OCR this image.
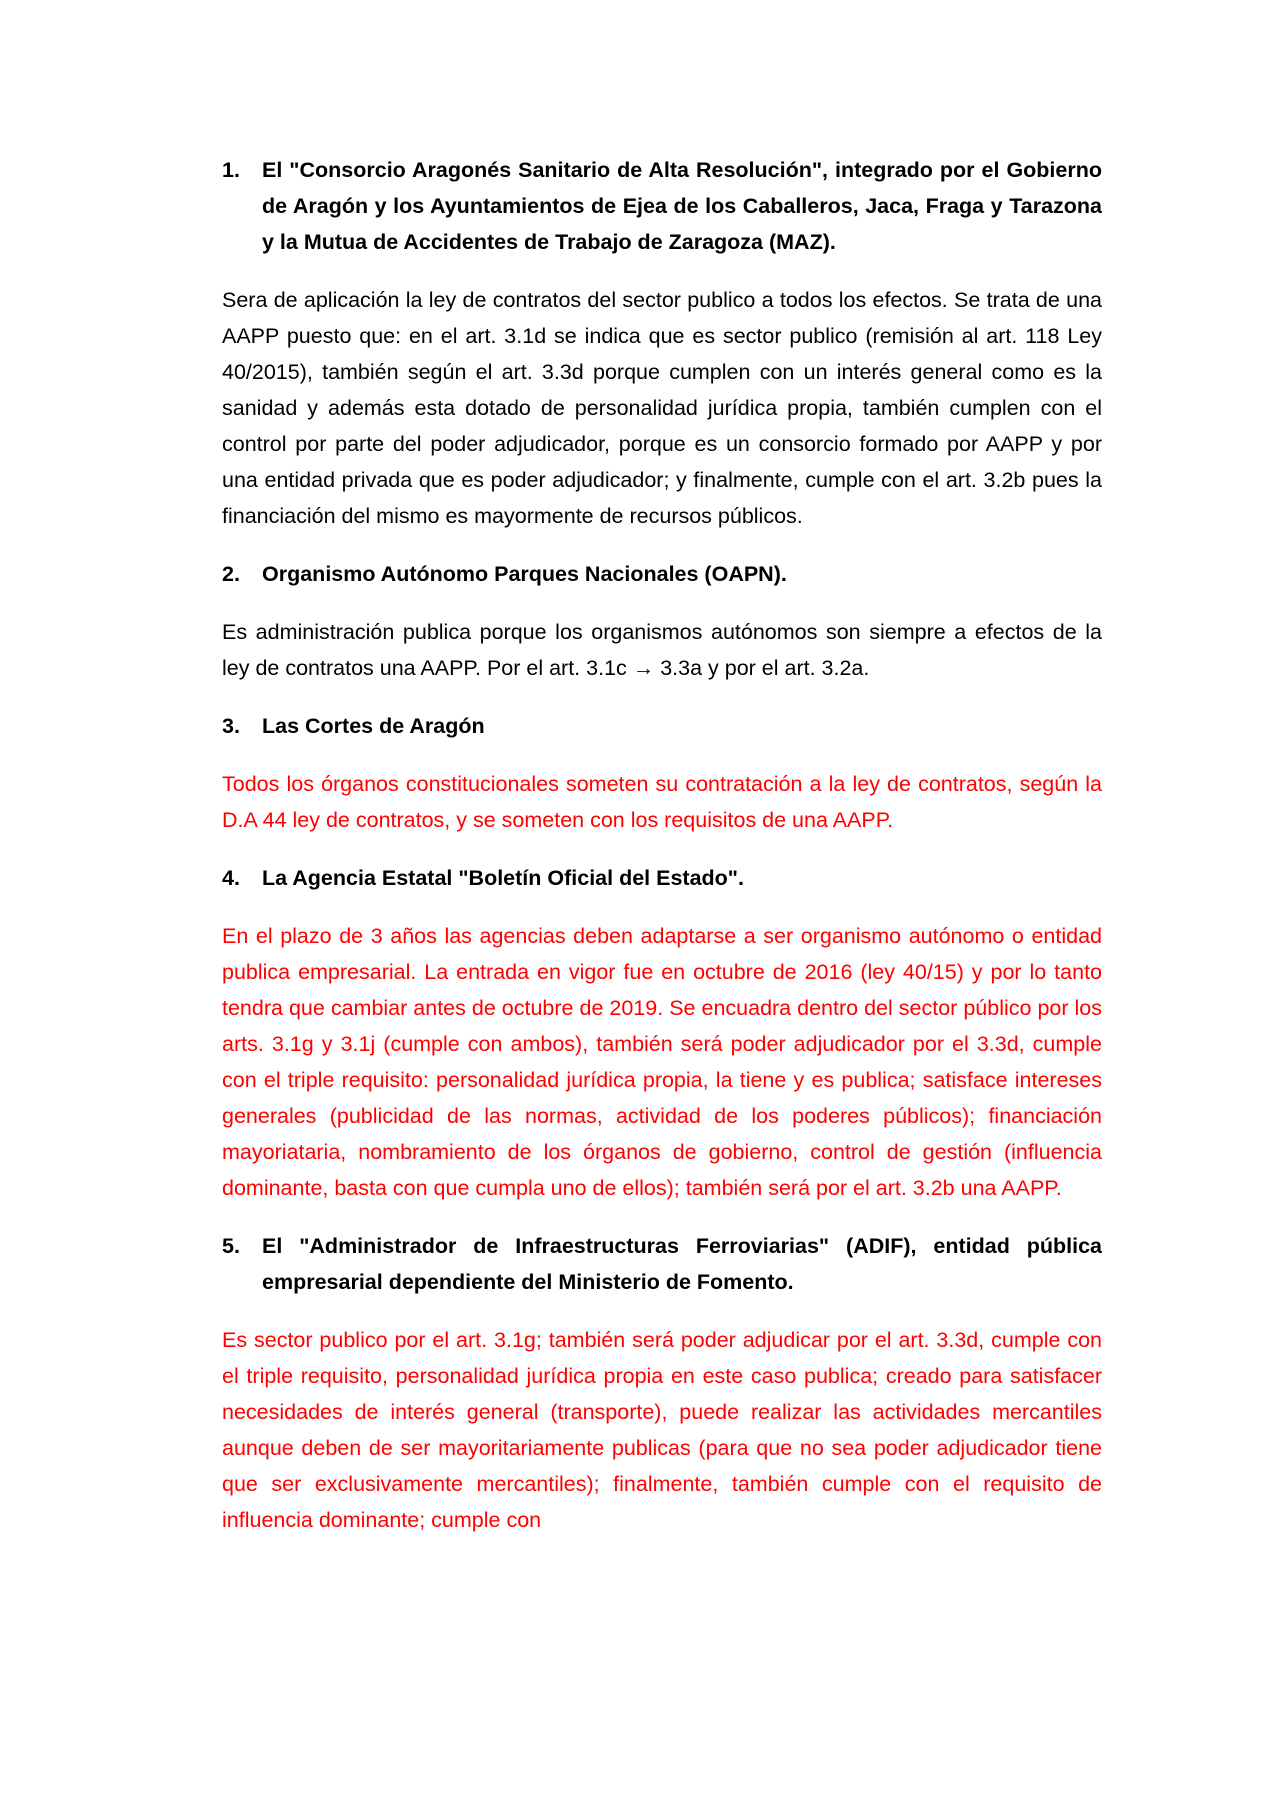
1.	El "Consorcio Aragonés Sanitario de Alta Resolución", integrado por el Gobierno de Aragón y los Ayuntamientos de Ejea de los Caballeros, Jaca, Fraga y Tarazona y la Mutua de Accidentes de Trabajo de Zaragoza (MAZ).

Sera de aplicación la ley de contratos del sector publico a todos los efectos. Se trata de una AAPP puesto que: en el art. 3.1d se indica que es sector publico (remisión al art. 118 Ley 40/2015), también según el art. 3.3d porque cumplen con un interés general como es la sanidad y además esta dotado de personalidad jurídica propia, también cumplen con el control por parte del poder adjudicador, porque es un consorcio formado por AAPP y por una entidad privada que es poder adjudicador; y finalmente, cumple con el art. 3.2b pues la financiación del mismo es mayormente de recursos públicos.

2.	Organismo Autónomo Parques Nacionales (OAPN).

Es administración publica porque los organismos autónomos son siempre a efectos de la ley de contratos una AAPP. Por el art. 3.1c → 3.3a y por el art. 3.2a.

3.	Las Cortes de Aragón

Todos los órganos constitucionales someten su contratación a la ley de contratos, según la D.A 44 ley de contratos, y se someten con los requisitos de una AAPP.

4.	La Agencia Estatal "Boletín Oficial del Estado".

En el plazo de 3 años las agencias deben adaptarse a ser organismo autónomo o entidad publica empresarial. La entrada en vigor fue en octubre de 2016 (ley 40/15) y por lo tanto tendra que cambiar antes de octubre de 2019. Se encuadra dentro del sector público por los arts. 3.1g y 3.1j (cumple con ambos), también será poder adjudicador por el 3.3d, cumple con el triple requisito: personalidad jurídica propia, la tiene y es publica; satisface intereses generales (publicidad de las normas, actividad de los poderes públicos); financiación mayoriataria, nombramiento de los órganos de gobierno, control de gestión (influencia dominante, basta con que cumpla uno de ellos); también será por el art. 3.2b una AAPP.

5.	El "Administrador de Infraestructuras Ferroviarias" (ADIF), entidad pública empresarial dependiente del Ministerio de Fomento.

Es sector publico por el art. 3.1g; también será poder adjudicar por el art. 3.3d, cumple con el triple requisito, personalidad jurídica propia en este caso publica; creado para satisfacer necesidades de interés general (transporte), puede realizar las actividades mercantiles aunque deben de ser mayoritariamente publicas (para que no sea poder adjudicador tiene que ser exclusivamente mercantiles); finalmente, también cumple con el requisito de influencia dominante; cumple con
